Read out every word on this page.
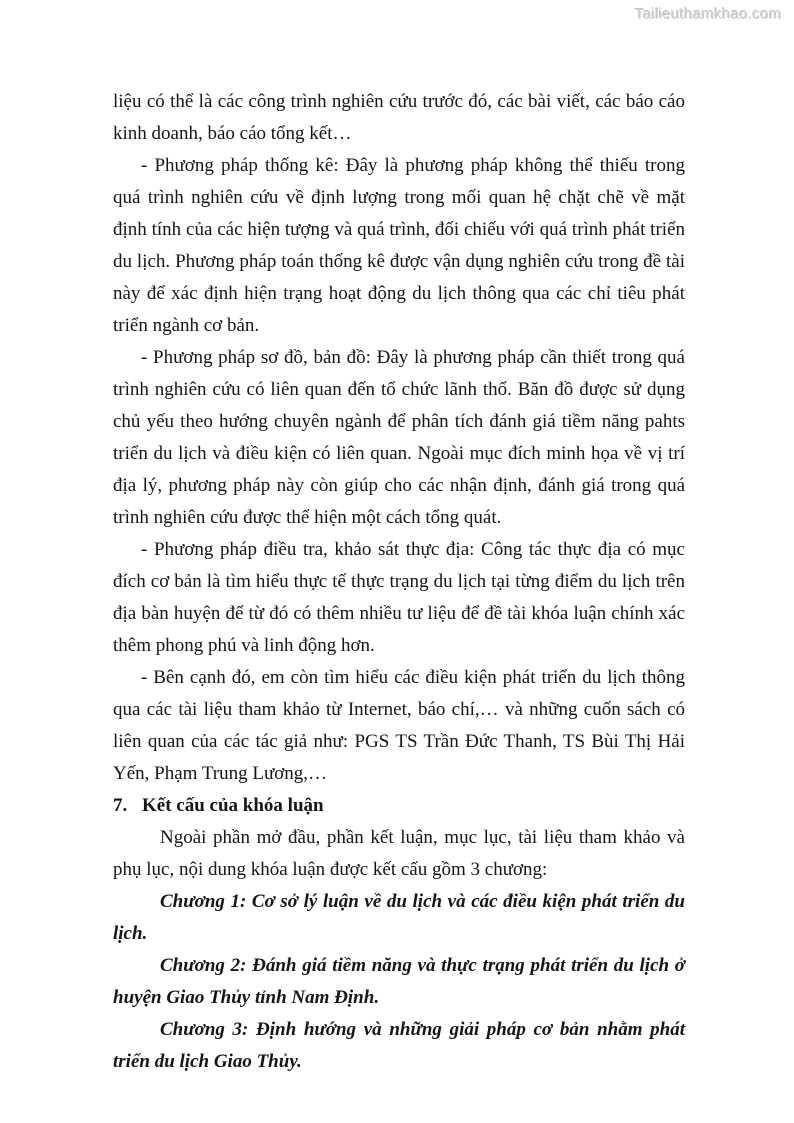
Tailieuthamkhao.com

liệu có thể là các công trình nghiên cứu trước đó, các bài viết, các báo cáo kinh doanh, báo cáo tổng kết…

- Phương pháp thống kê: Đây là phương pháp không thể thiếu trong quá trình nghiên cứu về định lượng trong mối quan hệ chặt chẽ về mặt định tính của các hiện tượng và quá trình, đối chiếu với quá trình phát triển du lịch. Phương pháp toán thống kê được vận dụng nghiên cứu trong đề tài này để xác định hiện trạng hoạt động du lịch thông qua các chỉ tiêu phát triển ngành cơ bản.

- Phương pháp sơ đồ, bản đồ: Đây là phương pháp cần thiết trong quá trình nghiên cứu có liên quan đến tổ chức lãnh thổ. Băn đồ được sử dụng chủ yếu theo hướng chuyên ngành để phân tích đánh giá tiềm năng pahts triển du lịch và điều kiện có liên quan. Ngoài mục đích minh họa về vị trí địa lý, phương pháp này còn giúp cho các nhận định, đánh giá trong quá trình nghiên cứu được thể hiện một cách tổng quát.

- Phương pháp điều tra, khảo sát thực địa: Công tác thực địa có mục đích cơ bản là tìm hiểu thực tế thực trạng du lịch tại từng điểm du lịch trên địa bàn huyện để từ đó có thêm nhiều tư liệu để đề tài khóa luận chính xác thêm phong phú và linh động hơn.

- Bên cạnh đó, em còn tìm hiểu các điều kiện phát triển du lịch thông qua các tài liệu tham khảo từ Internet, báo chí,… và những cuốn sách có liên quan của các tác giả như: PGS TS Trần Đức Thanh, TS Bùi Thị Hải Yến, Phạm Trung Lương,…

7. Kết cấu của khóa luận

Ngoài phần mở đầu, phần kết luận, mục lục, tài liệu tham khảo và phụ lục, nội dung khóa luận được kết cấu gồm 3 chương:

Chương 1: Cơ sở lý luận về du lịch và các điều kiện phát triển du lịch.

Chương 2: Đánh giá tiềm năng và thực trạng phát triển du lịch ở huyện Giao Thủy tỉnh Nam Định.

Chương 3: Định hướng và những giải pháp cơ bản nhằm phát triển du lịch Giao Thủy.
